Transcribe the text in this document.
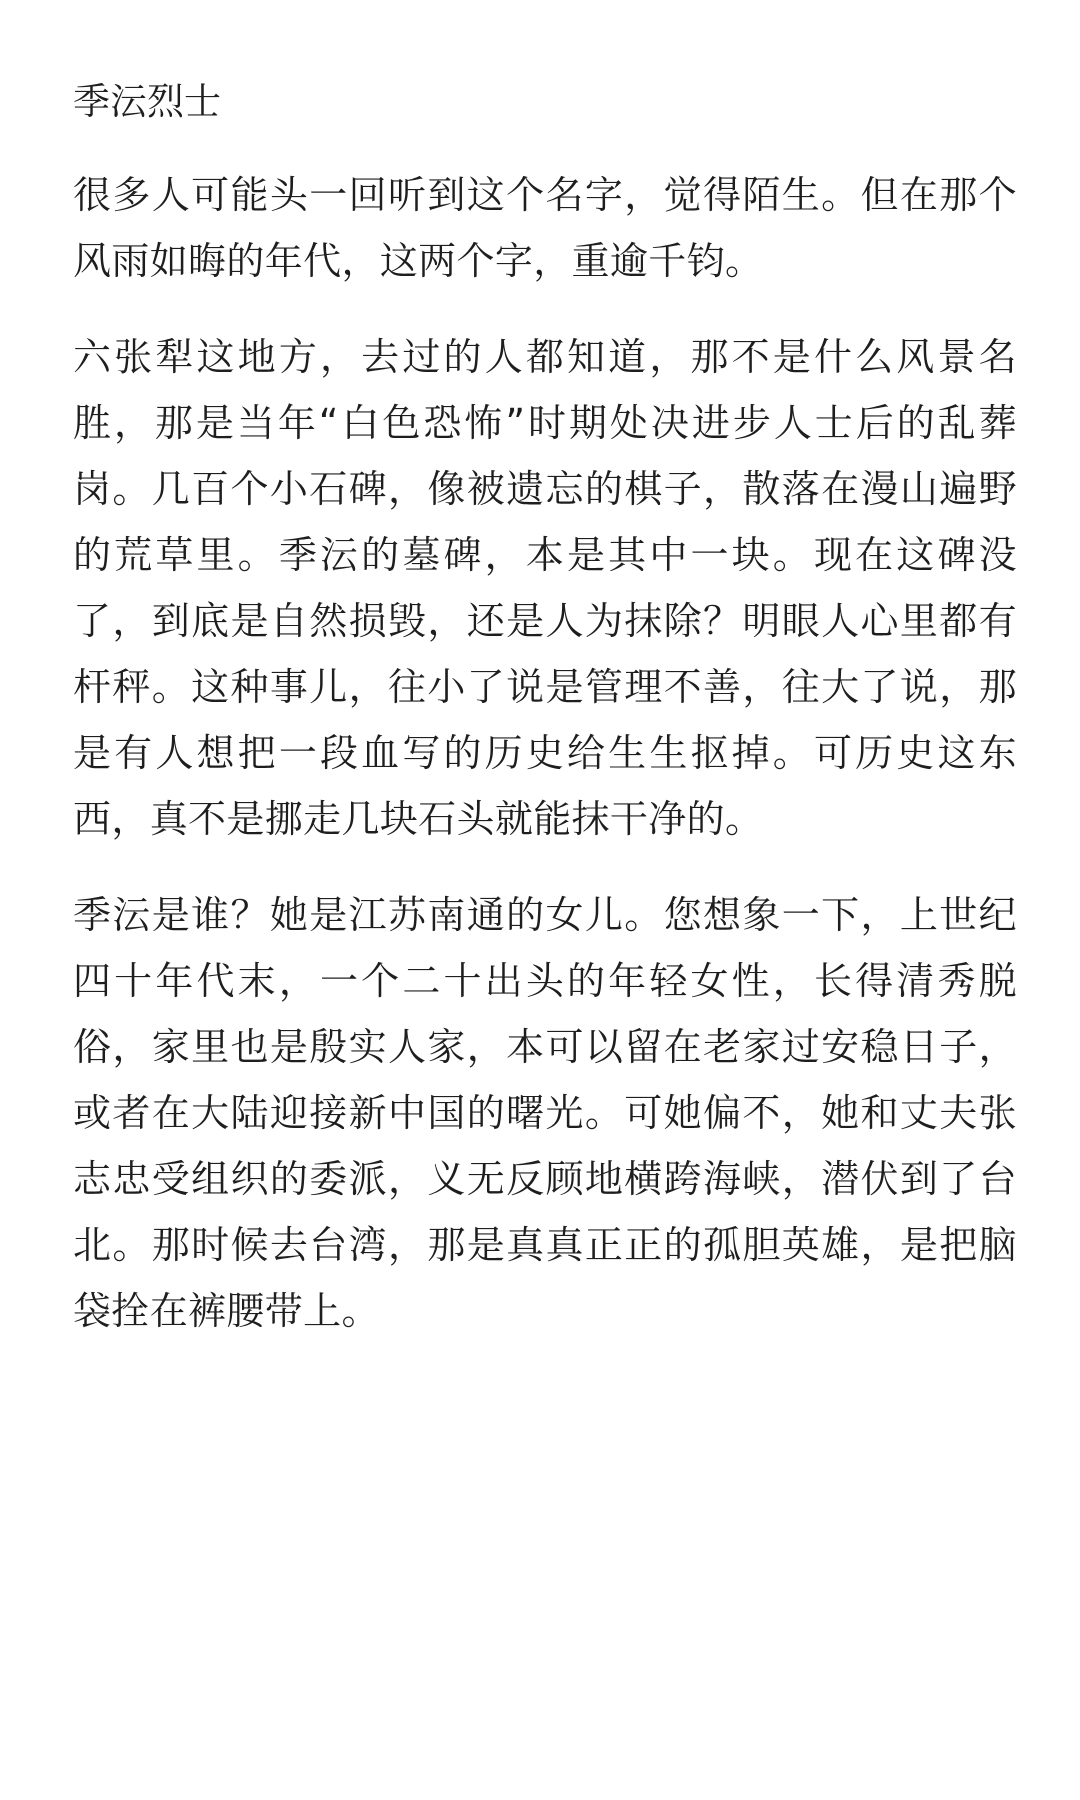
季沄烈士

很多人可能头一回听到这个名字，觉得陌生。但在那个风雨如晦的年代，这两个字，重逾千钧。

六张犁这地方，去过的人都知道，那不是什么风景名胜，那是当年“白色恐怖”时期处决进步人士后的乱葬岗。几百个小石碑，像被遗忘的棋子，散落在漫山遍野的荒草里。季沄的墓碑，本是其中一块。现在这碑没了，到底是自然损毁，还是人为抹除？明眼人心里都有杆秤。这种事儿，往小了说是管理不善，往大了说，那是有人想把一段血写的历史给生生抠掉。可历史这东西，真不是挪走几块石头就能抹干净的。

季沄是谁？她是江苏南通的女儿。您想象一下，上世纪四十年代末，一个二十出头的年轻女性，长得清秀脱俗，家里也是殷实人家，本可以留在老家过安稳日子，或者在大陆迎接新中国的曙光。可她偏不，她和丈夫张志忠受组织的委派，义无反顾地横跨海峡，潜伏到了台北。那时候去台湾，那是真真正正的孤胆英雄，是把脑袋拴在裤腰带上。
